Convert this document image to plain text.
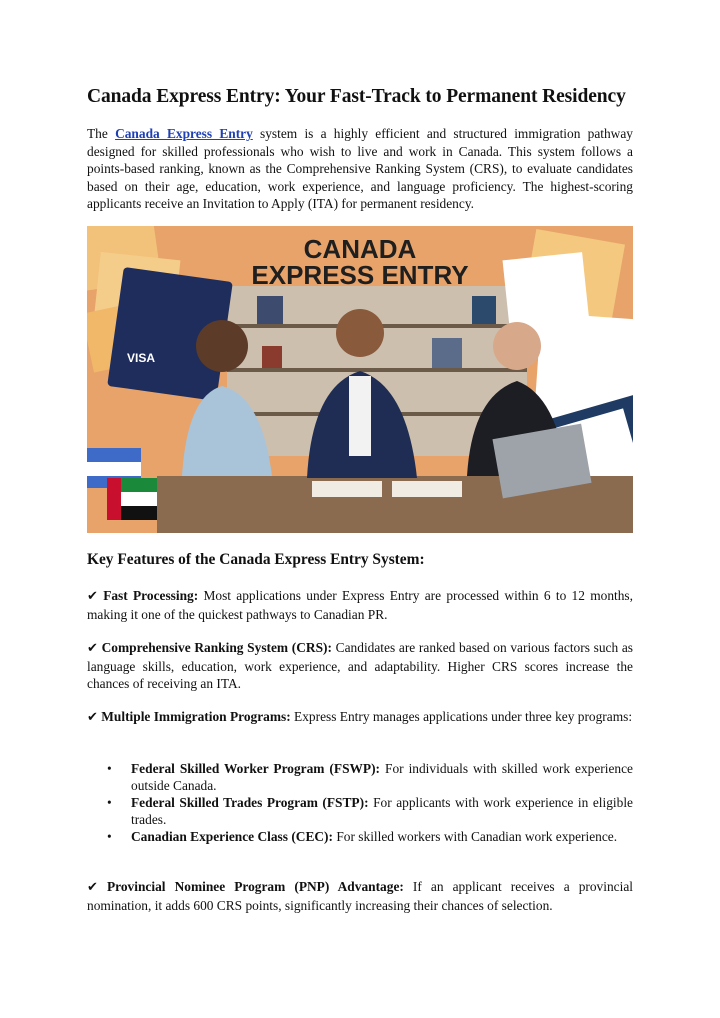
Canada Express Entry: Your Fast-Track to Permanent Residency

The Canada Express Entry system is a highly efficient and structured immigration pathway designed for skilled professionals who wish to live and work in Canada. This system follows a points-based ranking, known as the Comprehensive Ranking System (CRS), to evaluate candidates based on their age, education, work experience, and language proficiency. The highest-scoring applicants receive an Invitation to Apply (ITA) for permanent residency.

VISA
CANADA
EXPRESS ENTRY
Key Features of the Canada Express Entry System:

✔ Fast Processing: Most applications under Express Entry are processed within 6 to 12 months, making it one of the quickest pathways to Canadian PR.

✔ Comprehensive Ranking System (CRS): Candidates are ranked based on various factors such as language skills, education, work experience, and adaptability. Higher CRS scores increase the chances of receiving an ITA.

✔ Multiple Immigration Programs: Express Entry manages applications under three key programs:

• Federal Skilled Worker Program (FSWP): For individuals with skilled work experience outside Canada.
• Federal Skilled Trades Program (FSTP): For applicants with work experience in eligible trades.
• Canadian Experience Class (CEC): For skilled workers with Canadian work experience.

✔ Provincial Nominee Program (PNP) Advantage: If an applicant receives a provincial nomination, it adds 600 CRS points, significantly increasing their chances of selection.
